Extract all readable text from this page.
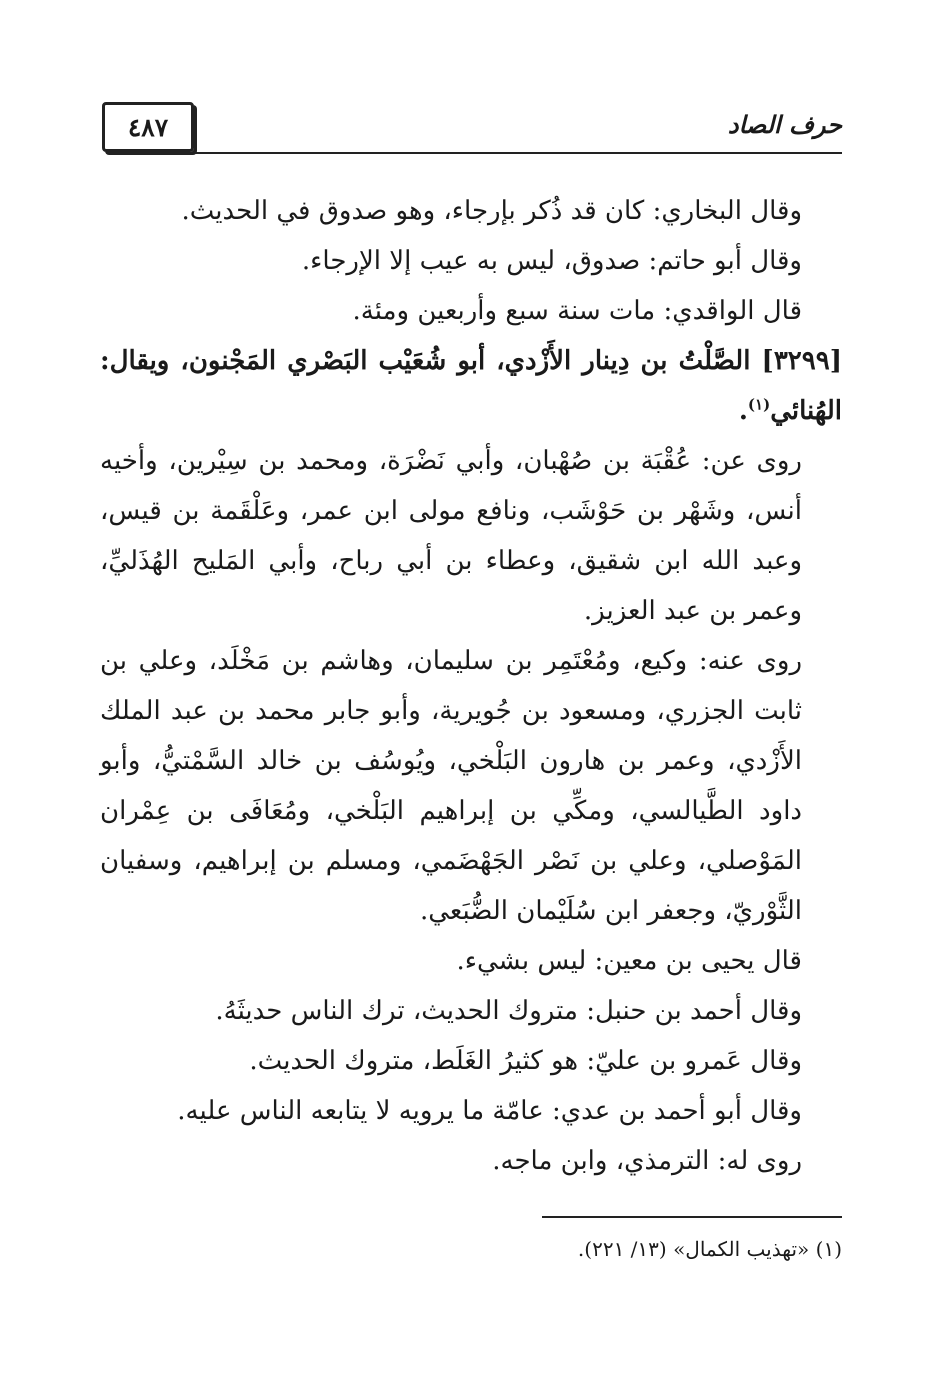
٤٨٧	حرف الصاد

وقال البخاري: كان قد ذُكر بإرجاء، وهو صدوق في الحديث.

وقال أبو حاتم: صدوق، ليس به عيب إلا الإرجاء.

قال الواقدي: مات سنة سبع وأربعين ومئة.

[٣٢٩٩] الصَّلْتُ بن دِينار الأَزْدي، أبو شُعَيْب البَصْري المَجْنون، ويقال: الهُنائي$^{(١)}$.

روى عن: عُقْبَة بن صُهْبان، وأبي نَضْرَة، ومحمد بن سِيْرين، وأخيه أنس، وشَهْر بن حَوْشَب، ونافع مولى ابن عمر، وعَلْقَمة بن قيس، وعبد الله ابن شقيق، وعطاء بن أبي رباح، وأبي المَليح الهُذَليِّ، وعمر بن عبد العزيز.

روى عنه: وكيع، ومُعْتَمِر بن سليمان، وهاشم بن مَخْلَد، وعلي بن ثابت الجزري، ومسعود بن جُويرية، وأبو جابر محمد بن عبد الملك الأَزْدي، وعمر بن هارون البَلْخي، ويُوسُف بن خالد السَّمْتيُّ، وأبو داود الطَّيالسي، ومكِّي بن إبراهيم البَلْخي، ومُعَافَى بن عِمْران المَوْصلي، وعلي بن نَصْر الجَهْضَمي، ومسلم بن إبراهيم، وسفيان الثَّوْريّ، وجعفر ابن سُلَيْمان الضُّبَعي.

قال يحيى بن معين: ليس بشيء.

وقال أحمد بن حنبل: متروك الحديث، ترك الناس حديثَهُ.

وقال عَمرو بن عليّ: هو كثيرُ الغَلَط، متروك الحديث.

وقال أبو أحمد بن عدي: عامّة ما يرويه لا يتابعه الناس عليه.

روى له: الترمذي، وابن ماجه.

(١) «تهذيب الكمال» (١٣/ ٢٢١).
